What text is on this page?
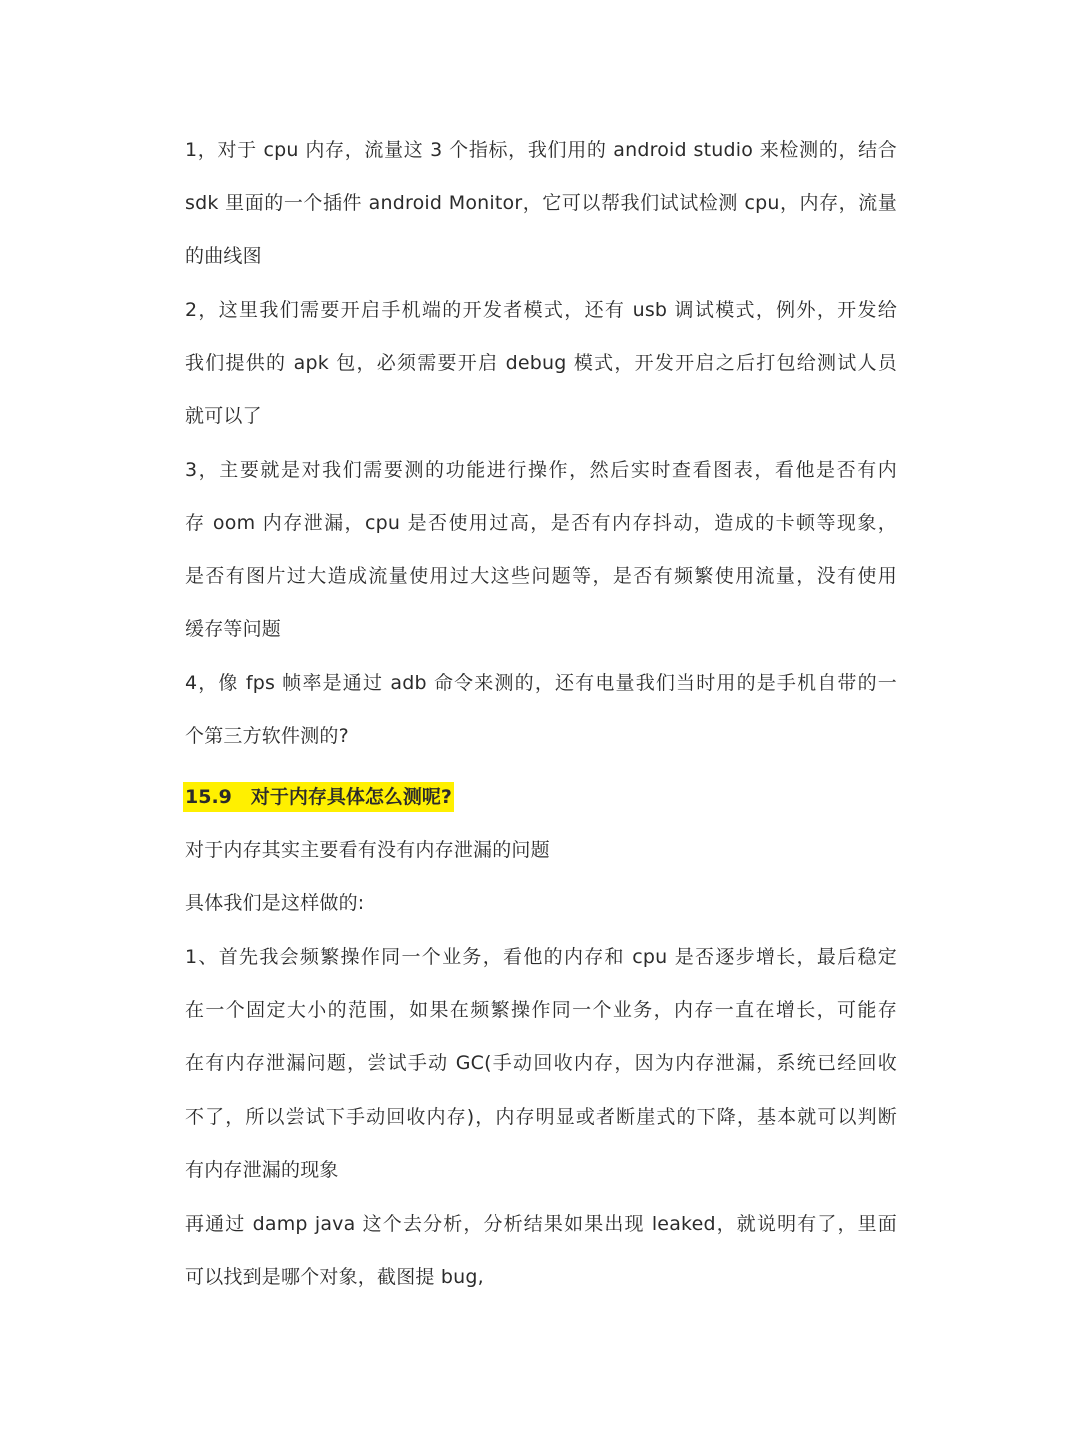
1，对于 cpu 内存，流量这 3 个指标，我们用的 android studio 来检测的，结合
sdk 里面的一个插件 android Monitor，它可以帮我们试试检测 cpu，内存，流量
的曲线图
2，这里我们需要开启手机端的开发者模式，还有 usb 调试模式，例外，开发给
我们提供的 apk 包，必须需要开启 debug 模式，开发开启之后打包给测试人员
就可以了
3，主要就是对我们需要测的功能进行操作，然后实时查看图表，看他是否有内
存 oom 内存泄漏，cpu 是否使用过高，是否有内存抖动，造成的卡顿等现象，
是否有图片过大造成流量使用过大这些问题等，是否有频繁使用流量，没有使用
缓存等问题
4，像 fps 帧率是通过 adb 命令来测的，还有电量我们当时用的是手机自带的一
个第三方软件测的?
15.9　对于内存具体怎么测呢?
对于内存其实主要看有没有内存泄漏的问题
具体我们是这样做的:
1、首先我会频繁操作同一个业务，看他的内存和 cpu 是否逐步增长，最后稳定
在一个固定大小的范围，如果在频繁操作同一个业务，内存一直在增长，可能存
在有内存泄漏问题，尝试手动 GC(手动回收内存，因为内存泄漏，系统已经回收
不了，所以尝试下手动回收内存)，内存明显或者断崖式的下降，基本就可以判断
有内存泄漏的现象
再通过 damp java 这个去分析，分析结果如果出现 leaked，就说明有了，里面
可以找到是哪个对象，截图提 bug,
